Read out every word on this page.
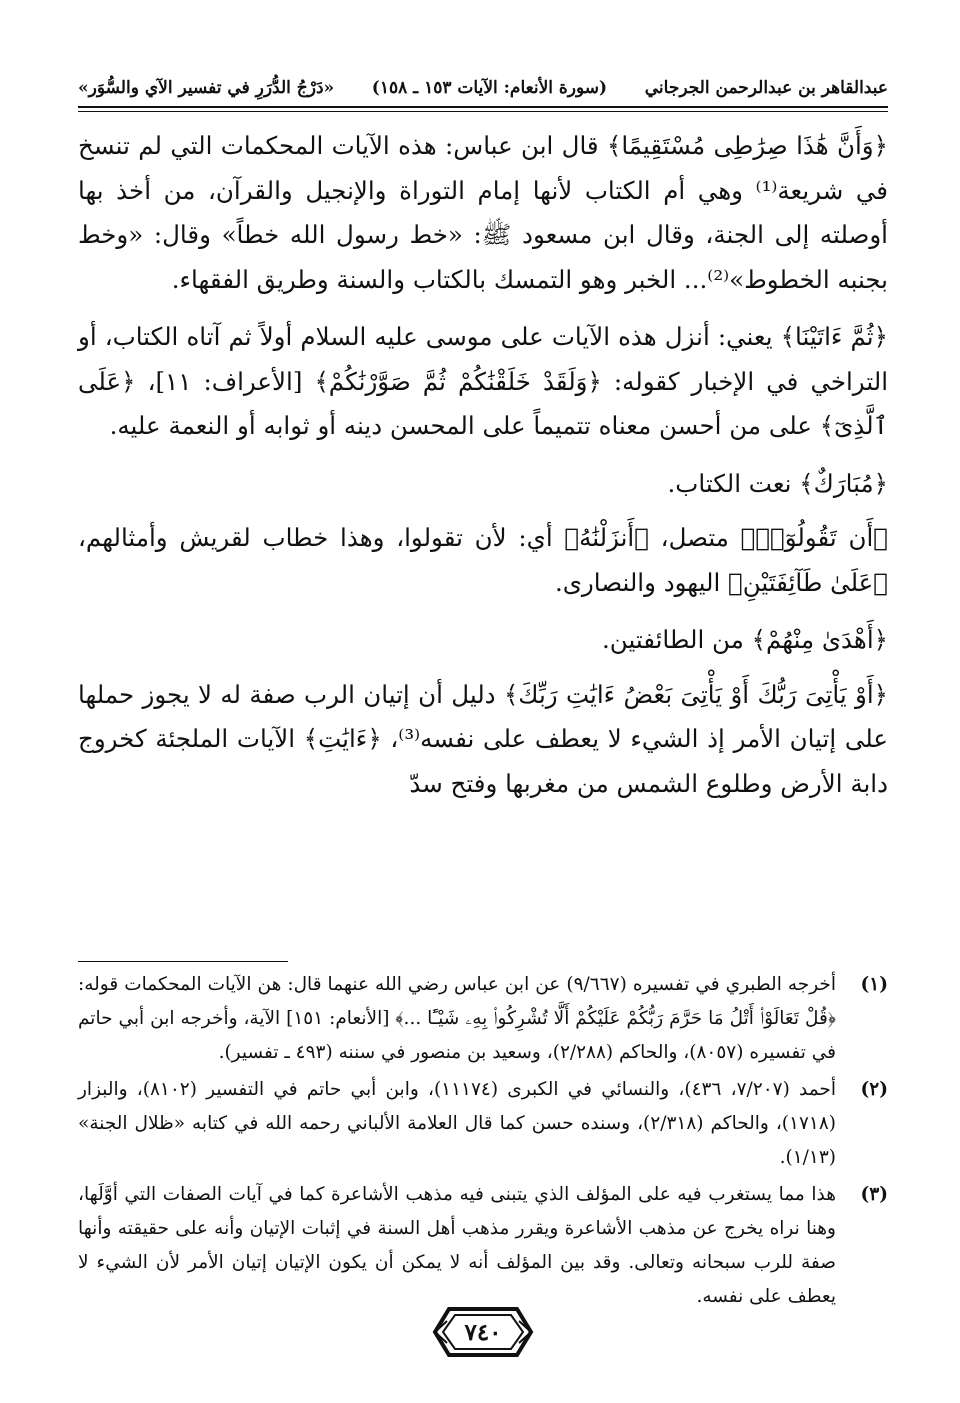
عبدالقاهر بن عبدالرحمن الجرجاني
(سورة الأنعام: الآيات ١٥٣ ـ ١٥٨)
«دَرْجُ الدُّرَرِ في تفسير الآي والسُّوَر»

﴿وَأَنَّ هَٰذَا صِرَٰطِى مُسْتَقِيمًا﴾ قال ابن عباس: هذه الآيات المحكمات التي لم تنسخ في شريعة⁽¹⁾ وهي أم الكتاب لأنها إمام التوراة والإنجيل والقرآن، من أخذ بها أوصلته إلى الجنة، وقال ابن مسعود ﷺ: «خط رسول الله خطاً» وقال: «وخط بجنبه الخطوط»⁽²⁾... الخبر وهو التمسك بالكتاب والسنة وطريق الفقهاء.

﴿ثُمَّ ءَاتَيْنَا﴾ يعني: أنزل هذه الآيات على موسى عليه السلام أولاً ثم آتاه الكتاب، أو التراخي في الإخبار كقوله: ﴿وَلَقَدْ خَلَقْنَٰكُمْ ثُمَّ صَوَّرْنَٰكُمْ﴾ [الأعراف: ١١]، ﴿عَلَى ٱلَّذِىٓ﴾ على من أحسن معناه تتميماً على المحسن دينه أو ثوابه أو النعمة عليه.

﴿مُبَارَكٌ﴾ نعت الكتاب.

﴿أَن تَقُولُوٓا۟﴾ متصل، ﴿أَنزَلْنَٰهُ﴾ أي: لأن تقولوا، وهذا خطاب لقريش وأمثالهم، ﴿عَلَىٰ طَآئِفَتَيْنِ﴾ اليهود والنصارى.

﴿أَهْدَىٰ مِنْهُمْ﴾ من الطائفتين.

﴿أَوْ يَأْتِىَ رَبُّكَ أَوْ يَأْتِىَ بَعْضُ ءَايَٰتِ رَبِّكَ﴾ دليل أن إتيان الرب صفة له لا يجوز حملها على إتيان الأمر إذ الشيء لا يعطف على نفسه⁽³⁾، ﴿ءَايَٰتِ﴾ الآيات الملجئة كخروج دابة الأرض وطلوع الشمس من مغربها وفتح سدّ

(١)
أخرجه الطبري في تفسيره (٩/٦٦٧) عن ابن عباس رضي الله عنهما قال: هن الآيات المحكمات قوله: ﴿قُلْ تَعَالَوْا۟ أَتْلُ مَا حَرَّمَ رَبُّكُمْ عَلَيْكُمْ أَلَّا تُشْرِكُوا۟ بِهِۦ شَيْـًٔا ...﴾ [الأنعام: ١٥١] الآية، وأخرجه ابن أبي حاتم في تفسيره (٨٠٥٧)، والحاكم (٢/٢٨٨)، وسعيد بن منصور في سننه (٤٩٣ ـ تفسير).
(٢)
أحمد (٧/٢٠٧، ٤٣٦)، والنسائي في الكبرى (١١١٧٤)، وابن أبي حاتم في التفسير (٨١٠٢)، والبزار (١٧١٨)، والحاكم (٢/٣١٨)، وسنده حسن كما قال العلامة الألباني رحمه الله في كتابه «ظلال الجنة» (١/١٣).
(٣)
هذا مما يستغرب فيه على المؤلف الذي يتبنى فيه مذهب الأشاعرة كما في آيات الصفات التي أوَّلَها، وهنا نراه يخرج عن مذهب الأشاعرة ويقرر مذهب أهل السنة في إثبات الإتيان وأنه على حقيقته وأنها صفة للرب سبحانه وتعالى. وقد بين المؤلف أنه لا يمكن أن يكون الإتيان إتيان الأمر لأن الشيء لا يعطف على نفسه.
٧٤٠
